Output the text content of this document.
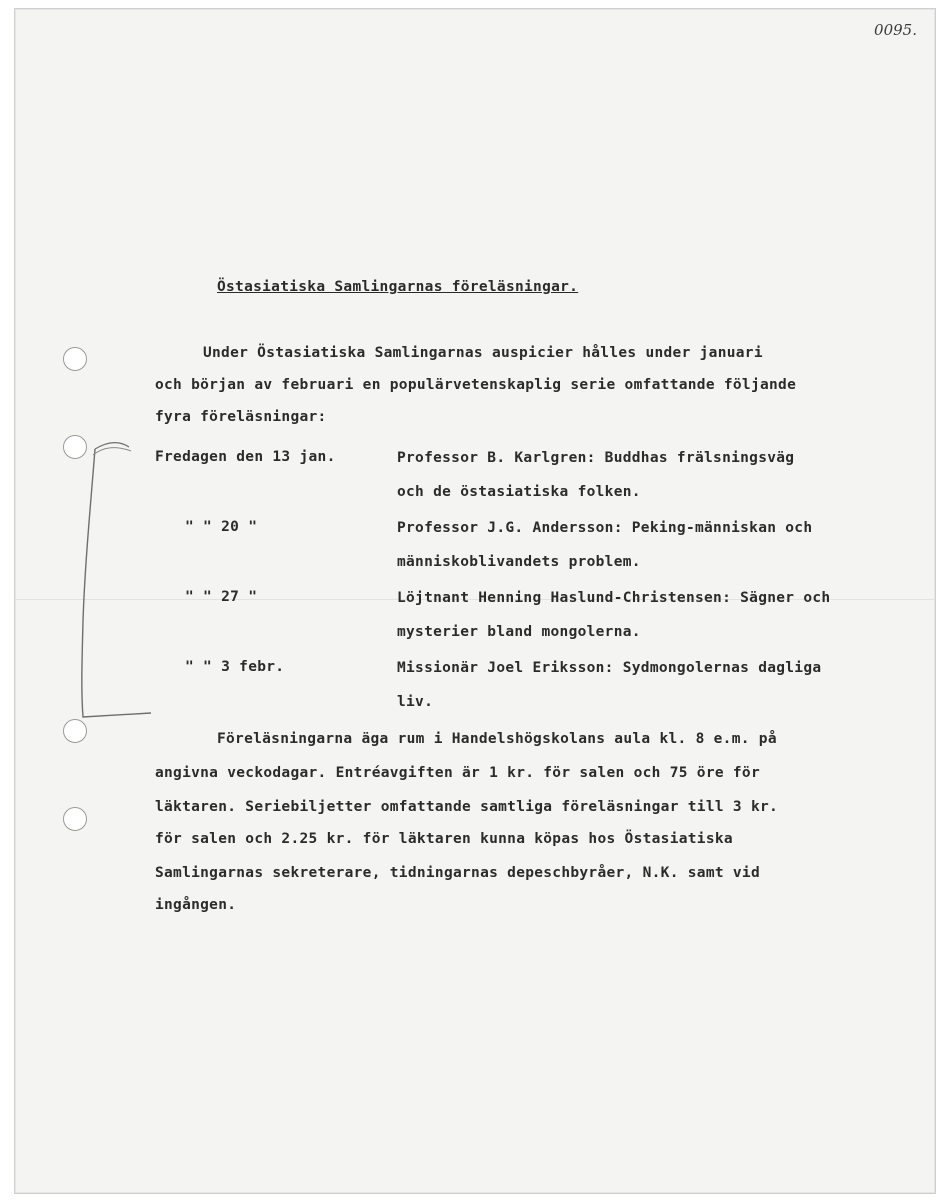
0095.
Östasiatiska Samlingarnas föreläsningar.
Under Östasiatiska Samlingarnas auspicier hålles under januari
och början av februari en populärvetenskaplig serie omfattande följande
fyra föreläsningar:
Fredagen den 13 jan.	Professor B. Karlgren: Buddhas frälsningsväg
och de östasiatiska folken.
" " 20 "	Professor J.G. Andersson: Peking-människan och
människoblivandets problem.
" " 27 "	Löjtnant Henning Haslund-Christensen: Sägner och
mysterier bland mongolerna.
" " 3 febr.	Missionär Joel Eriksson: Sydmongolernas dagliga
liv.
Föreläsningarna äga rum i Handelshögskolans aula kl. 8 e.m. på
angivna veckodagar. Entréavgiften är 1 kr. för salen och 75 öre för
läktaren. Seriebiljetter omfattande samtliga föreläsningar till 3 kr.
för salen och 2.25 kr. för läktaren kunna köpas hos Östasiatiska
Samlingarnas sekreterare, tidningarnas depeschbyråer, N.K. samt vid
ingången.
